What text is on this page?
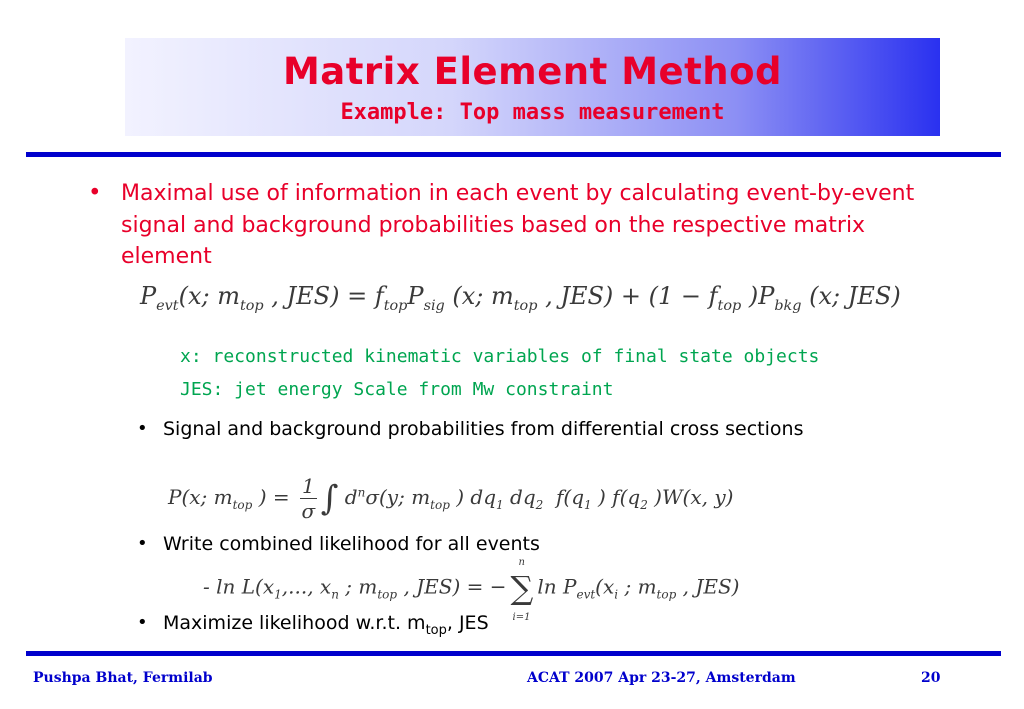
Matrix Element Method
Example: Top mass measurement
• Maximal use of information in each event by calculating event-by-event signal and background probabilities based on the respective matrix element
$P_{evt}(x$; $m_{top}$ , $JES) = f_{top}P_{sig}$ (x; $m_{top}$ , $JES) + (1 - f_{top}$ )$P_{bkg}$ (x; JES)
x: reconstructed kinematic variables of final state objects
JES: jet energy Scale from Mw constraint
• Signal and background probabilities from differential cross sections
P(x; $m_{top}$ ) = $\frac{1}{\sigma}$ ∫ $d^n\sigma(y$; $m_{top}$ ) $dq_1$ $dq_2$  $f(q_1$ ) $f(q_2$ )W(x, y)
• Write combined likelihood for all events
- $\ln L(x_1$,..., $x_n$ ; $m_{top}$ , JES) = −
n
∑
i=1
$\ln P_{evt}(x_i$ ; $m_{top}$ , JES)
• Maximize likelihood w.r.t. $m_{top}$, JES
Pushpa Bhat, Fermilab	ACAT 2007 Apr 23-27, Amsterdam	20
